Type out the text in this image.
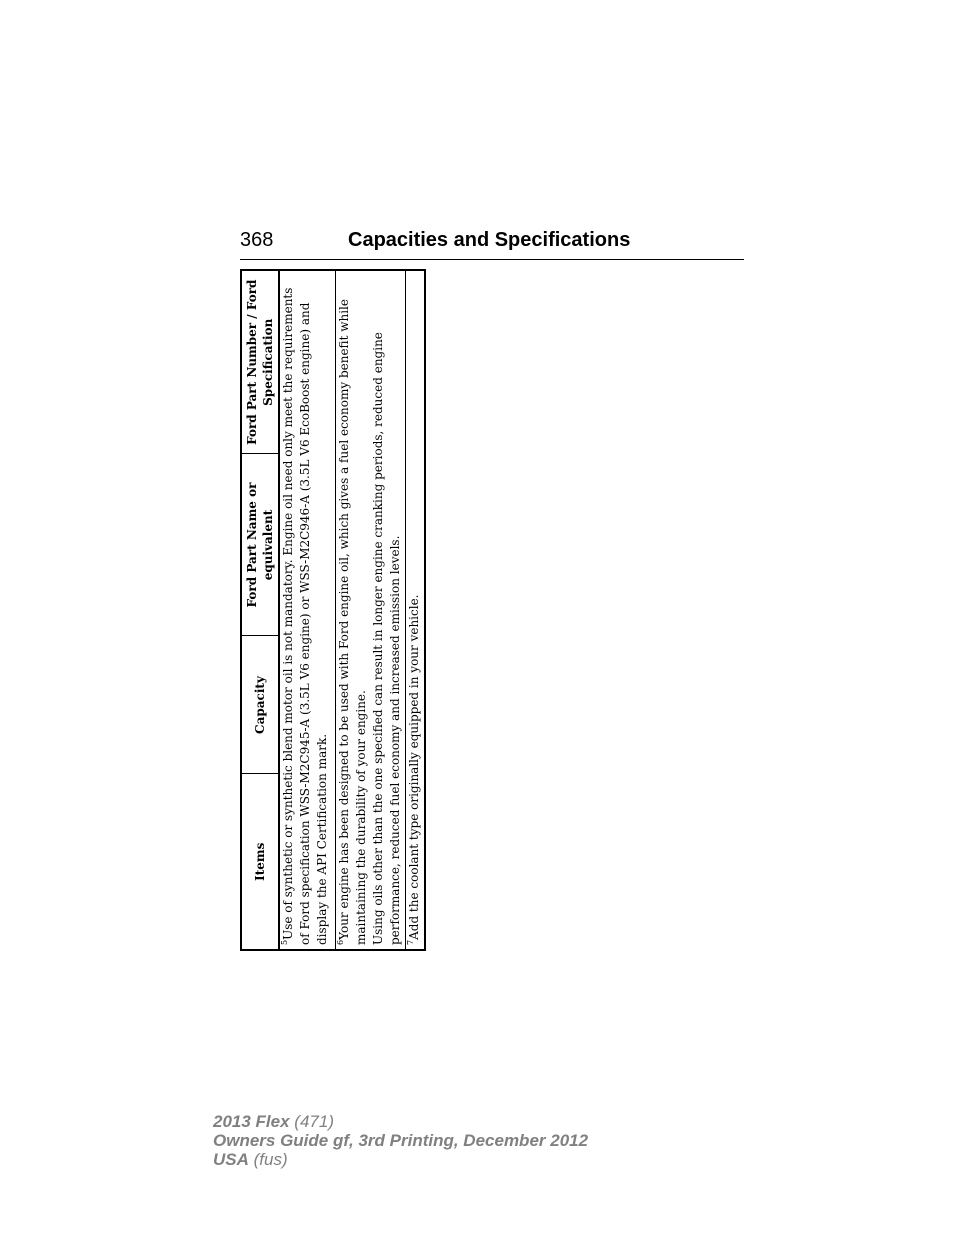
368	Capacities and Specifications
Items	Capacity	Ford Part Name or equivalent	Ford Part Number / Ford Specification
$^5$Use of synthetic or synthetic blend motor oil is not mandatory. Engine oil need only meet the requirements of Ford specification WSS-M2C945-A (3.5L V6 engine) or WSS-M2C946-A (3.5L V6 EcoBoost engine) and display the API Certification mark.

$^6$Your engine has been designed to be used with Ford engine oil, which gives a fuel economy benefit while maintaining the durability of your engine. Using oils other than the one specified can result in longer engine cranking periods, reduced engine performance, reduced fuel economy and increased emission levels.

$^7$Add the coolant type originally equipped in your vehicle.
2013 Flex (471)
Owners Guide gf, 3rd Printing, December 2012
USA (fus)
